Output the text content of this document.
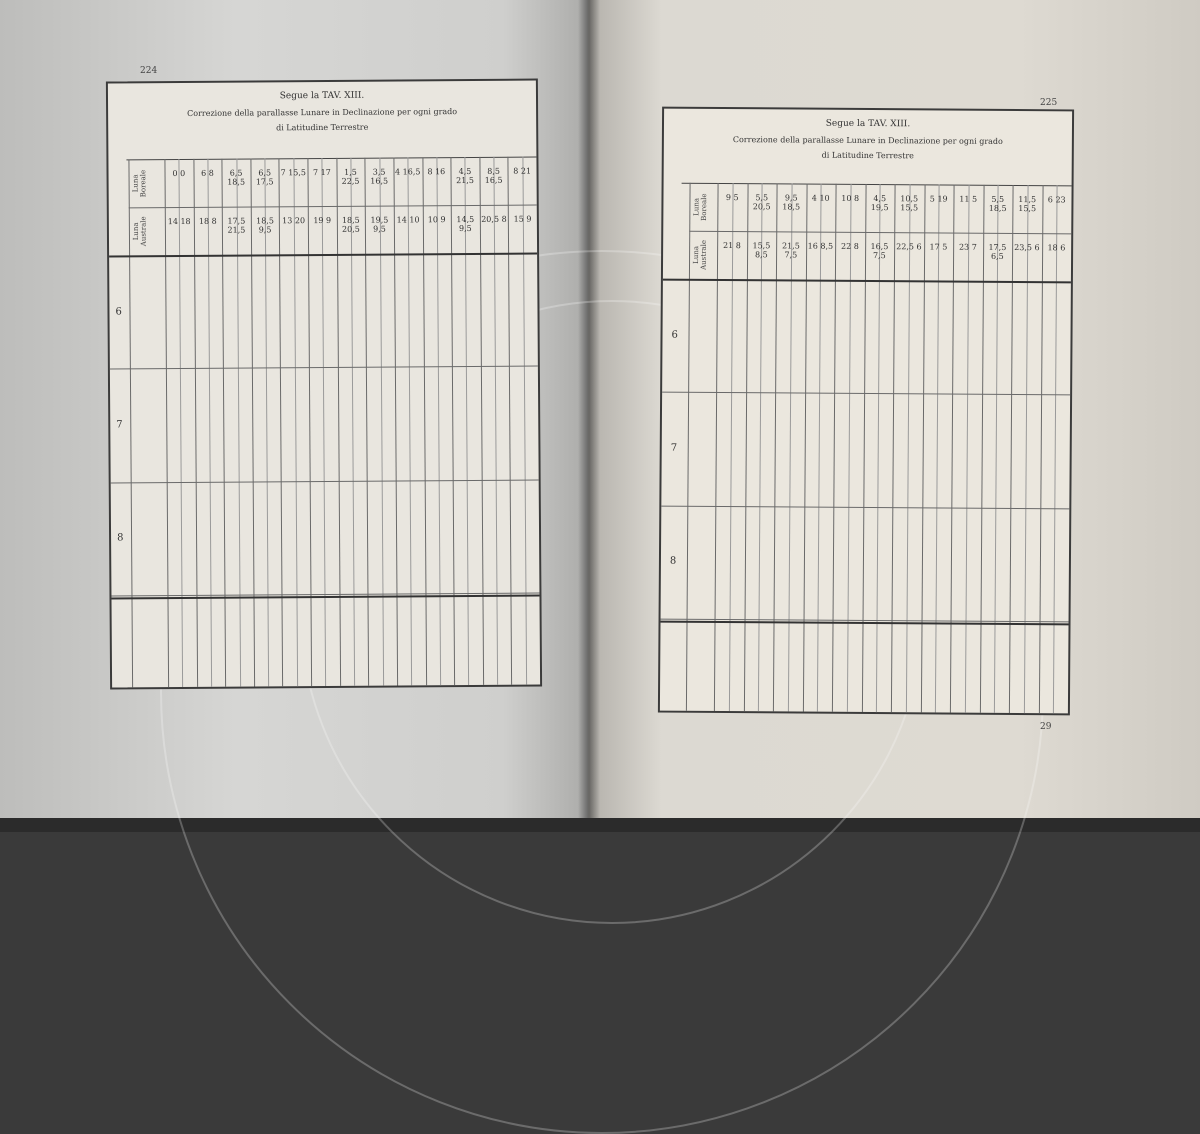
224
225
29
Segue la TAV. XIII.
Correzione della parallasse Lunare in Declinazione per ogni grado
di Latitudine Terrestre
Luna Boreale
Luna Australe
0 0
14 18
6 8
18 8
6,5 18,5
17,5 21,5
6,5 17,5
18,5 9,5
7 15,5
13 20
7 17
19 9
1,5 22,5
18,5 20,5
3,5 16,5
19,5 9,5
4 16,5
14 10
8 16
10 9
4,5 21,5
14,5 9,5
8,5 16,5
20,5 8
8 21
15 9
6
7
8
Segue la TAV. XIII.
Correzione della parallasse Lunare in Declinazione per ogni grado
di Latitudine Terrestre
Luna Boreale
Luna Australe
9 5
21 8
5,5 20,5
15,5 8,5
9,5 18,5
21,5 7,5
4 10
16 8,5
10 8
22 8
4,5 19,5
16,5 7,5
10,5 15,5
22,5 6
5 19
17 5
11 5
23 7
5,5 18,5
17,5 6,5
11,5 15,5
23,5 6
6 23
18 6
6
7
8
